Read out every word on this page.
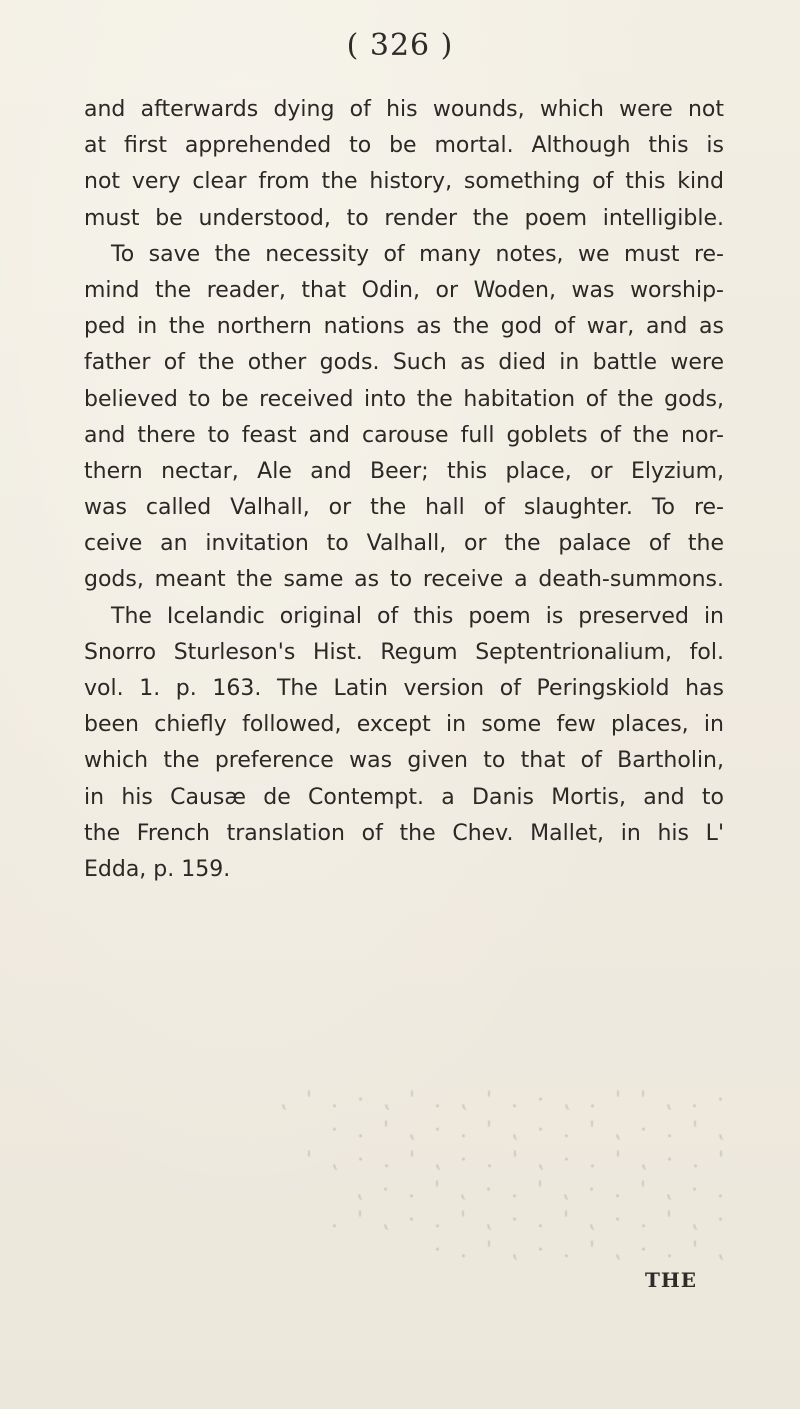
( 326 )
and afterwards dying of his wounds, which were not
at first apprehended to be mortal. Although this is
not very clear from the history, something of this kind
must be understood, to render the poem intelligible.
To save the necessity of many notes, we must re-
mind the reader, that Odin, or Woden, was worship-
ped in the northern nations as the god of war, and as
father of the other gods. Such as died in battle were
believed to be received into the habitation of the gods,
and there to feast and carouse full goblets of the nor-
thern nectar, Ale and Beer; this place, or Elyzium,
was called Valhall, or the hall of slaughter. To re-
ceive an invitation to Valhall, or the palace of the
gods, meant the same as to receive a death-summons.
The Icelandic original of this poem is preserved in
Snorro Sturleson's Hist. Regum Septentrionalium, fol.
vol. 1. p. 163. The Latin version of Peringskiold has
been chiefly followed, except in some few places, in
which the preference was given to that of Bartholin,
in his Causæ de Contempt. a Danis Mortis, and to
the French translation of the Chev. Mallet, in his L'
Edda, p. 159.
· . , ' ' . , · . ' , . ' , · . ' ,
, ' . · , ' . · , ' . · , ' . ·
' . · , ' . · , ' . · , ' . · , '
. · , ' . · , ' . · , ' . · ,
· , ' . · , ' . · , ' . · , ' .
, ' . · , ' . · , ' . ·
THE
